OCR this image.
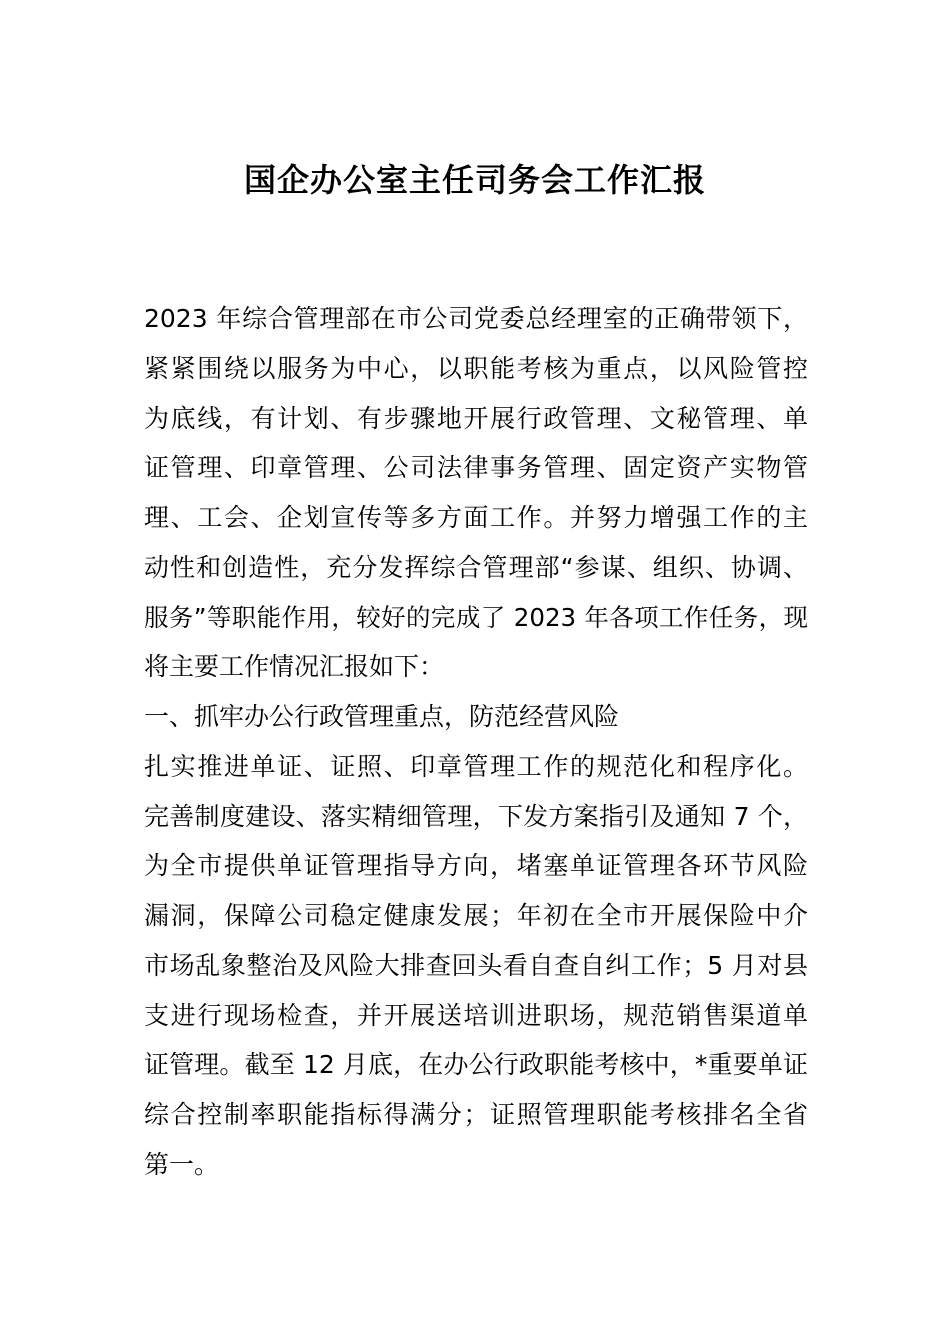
国企办公室主任司务会工作汇报
2023 年综合管理部在市公司党委总经理室的正确带领下，
紧紧围绕以服务为中心，以职能考核为重点，以风险管控
为底线，有计划、有步骤地开展行政管理、文秘管理、单
证管理、印章管理、公司法律事务管理、固定资产实物管
理、工会、企划宣传等多方面工作。并努力增强工作的主
动性和创造性，充分发挥综合管理部“参谋、组织、协调、
服务”等职能作用，较好的完成了 2023 年各项工作任务，现
将主要工作情况汇报如下：
一、抓牢办公行政管理重点，防范经营风险
扎实推进单证、证照、印章管理工作的规范化和程序化。
完善制度建设、落实精细管理，下发方案指引及通知 7 个，
为全市提供单证管理指导方向，堵塞单证管理各环节风险
漏洞，保障公司稳定健康发展；年初在全市开展保险中介
市场乱象整治及风险大排查回头看自查自纠工作；5 月对县
支进行现场检查，并开展送培训进职场，规范销售渠道单
证管理。截至 12 月底，在办公行政职能考核中，*重要单证
综合控制率职能指标得满分；证照管理职能考核排名全省
第一。
